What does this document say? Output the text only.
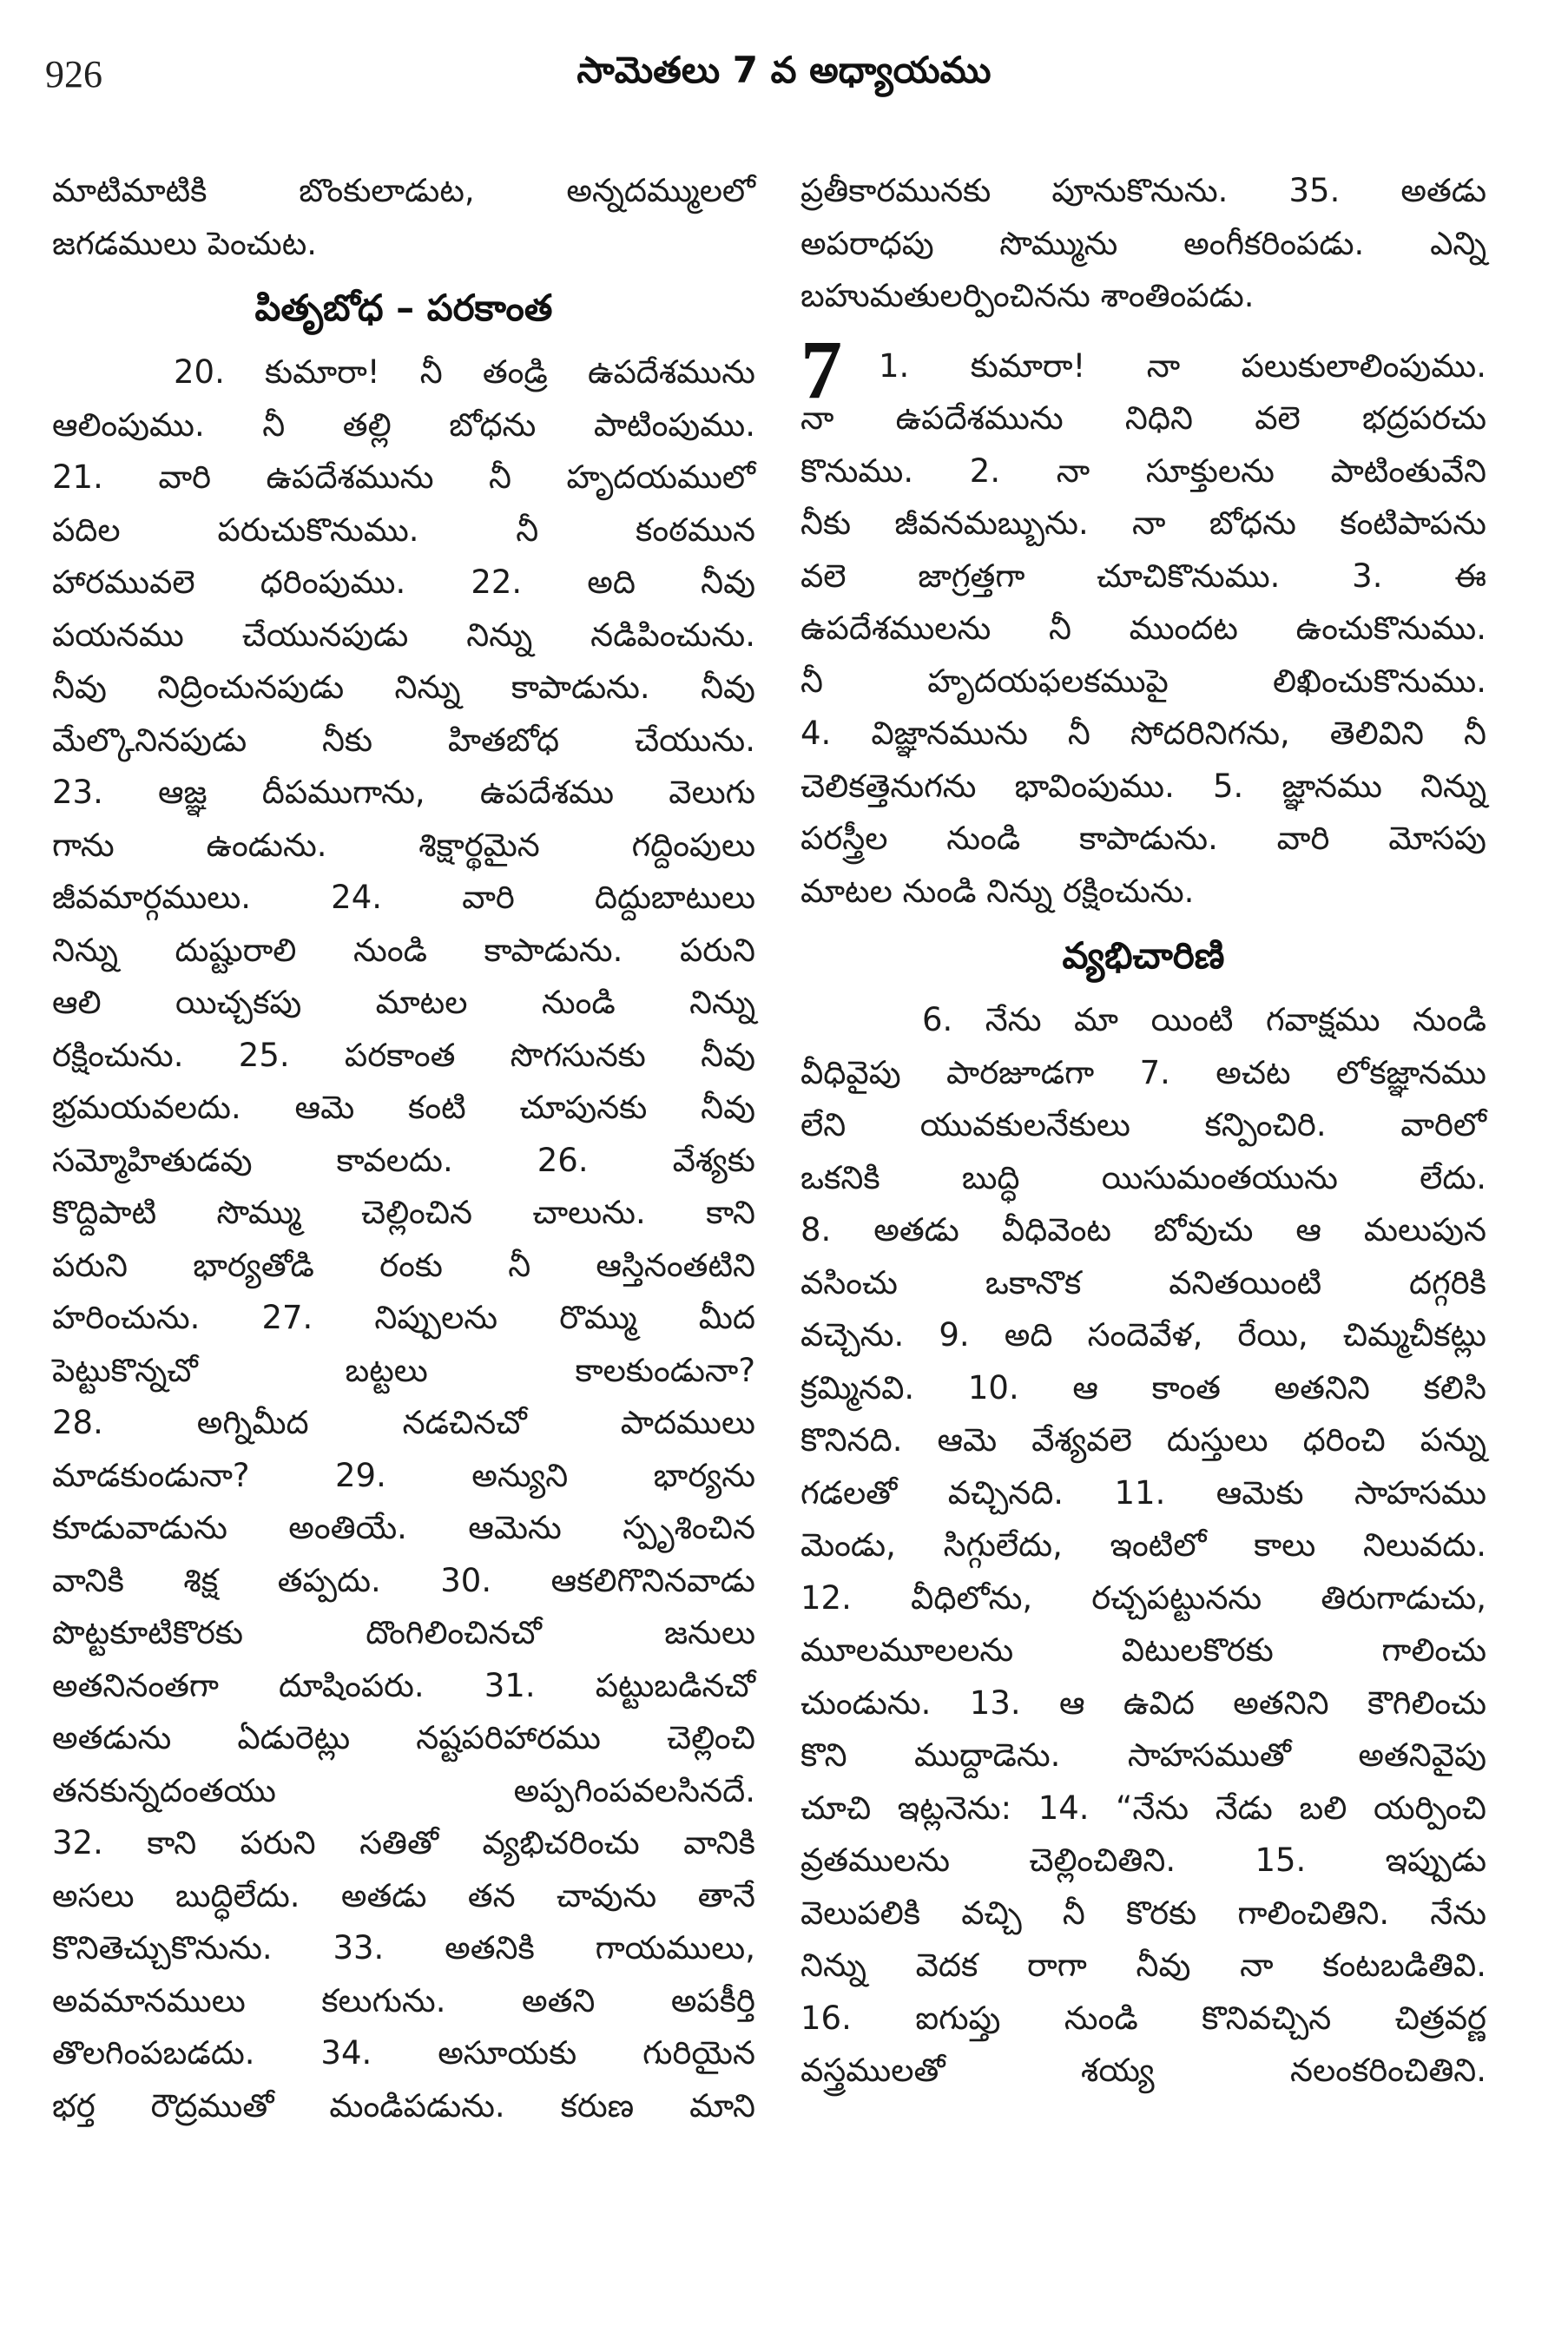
926	సామెతలు 7 వ అధ్యాయము
మాటిమాటికి బొంకులాడుట, అన్నదమ్ములలో
జగడములు పెంచుట.
పితృబోధ – పరకాంత
20. కుమారా! నీ తండ్రి ఉపదేశమును
ఆలింపుము. నీ తల్లి బోధను పాటింపుము.
21. వారి ఉపదేశమును నీ హృదయములో
పదిల పరుచుకొనుము. నీ కంఠమున
హారమువలె ధరింపుము. 22. అది నీవు
పయనము చేయునపుడు నిన్ను నడిపించును.
నీవు నిద్రించునపుడు నిన్ను కాపాడును. నీవు
మేల్కొనినపుడు నీకు హితబోధ చేయును.
23. ఆజ్ఞ దీపముగాను, ఉపదేశము వెలుగు
గాను ఉండును. శిక్షార్థమైన గద్దింపులు
జీవమార్గములు. 24. వారి దిద్దుబాటులు
నిన్ను దుష్టురాలి నుండి కాపాడును. పరుని
ఆలి యిచ్చకపు మాటల నుండి నిన్ను
రక్షించును. 25. పరకాంత సొగసునకు నీవు
భ్రమయవలదు. ఆమె కంటి చూపునకు నీవు
సమ్మోహితుడవు కావలదు. 26. వేశ్యకు
కొద్దిపాటి సొమ్ము చెల్లించిన చాలును. కాని
పరుని భార్యతోడి రంకు నీ ఆస్తినంతటిని
హరించును. 27. నిప్పులను రొమ్ము మీద
పెట్టుకొన్నచో బట్టలు కాలకుండునా?
28. అగ్నిమీద నడచినచో పాదములు
మాడకుండునా? 29. అన్యుని భార్యను
కూడువాడును అంతియే. ఆమెను స్పృశించిన
వానికి శిక్ష తప్పదు. 30. ఆకలిగొనినవాడు
పొట్టకూటికొరకు దొంగిలించినచో జనులు
అతనినంతగా దూషింపరు. 31. పట్టుబడినచో
అతడును ఏడురెట్లు నష్టపరిహారము చెల్లించి
తనకున్నదంతయు అప్పగింపవలసినదే.
32. కాని పరుని సతితో వ్యభిచరించు వానికి
అసలు బుద్ధిలేదు. అతడు తన చావును తానే
కొనితెచ్చుకొనును. 33. అతనికి గాయములు,
అవమానములు కలుగును. అతని అపకీర్తి
తొలగింపబడదు. 34. అసూయకు గురియైన
భర్త రౌద్రముతో మండిపడును. కరుణ మాని
ప్రతీకారమునకు పూనుకొనును. 35. అతడు
అపరాధపు సొమ్మును అంగీకరింపడు. ఎన్ని
బహుమతులర్పించినను శాంతింపడు.
7 1. కుమారా! నా పలుకులాలింపుము.
నా ఉపదేశమును నిధిని వలె భద్రపరచు
కొనుము. 2. నా సూక్తులను పాటింతువేని
నీకు జీవనమబ్బును. నా బోధను కంటిపాపను
వలె జాగ్రత్తగా చూచికొనుము. 3. ఈ
ఉపదేశములను నీ ముందట ఉంచుకొనుము.
నీ హృదయఫలకముపై లిఖించుకొనుము.
4. విజ్ఞానమును నీ సోదరినిగను, తెలివిని నీ
చెలికత్తెనుగను భావింపుము. 5. జ్ఞానము నిన్ను
పరస్త్రీల నుండి కాపాడును. వారి మోసపు
మాటల నుండి నిన్ను రక్షించును.
వ్యభిచారిణి
6. నేను మా యింటి గవాక్షము నుండి
వీధివైపు పారజూడగా 7. అచట లోకజ్ఞానము
లేని యువకులనేకులు కన్పించిరి. వారిలో
ఒకనికి బుద్ధి యిసుమంతయును లేదు.
8. అతడు వీధివెంట బోవుచు ఆ మలుపున
వసించు ఒకానొక వనితయింటి దగ్గరికి
వచ్చెను. 9. అది సందెవేళ, రేయి, చిమ్మచీకట్లు
క్రమ్మినవి. 10. ఆ కాంత అతనిని కలిసి
కొనినది. ఆమె వేశ్యవలె దుస్తులు ధరించి పన్ను
గడలతో వచ్చినది. 11. ఆమెకు సాహసము
మెండు, సిగ్గులేదు, ఇంటిలో కాలు నిలువదు.
12. వీధిలోను, రచ్చపట్టునను తిరుగాడుచు,
మూలమూలలను విటులకొరకు గాలించు
చుండును. 13. ఆ ఉవిద అతనిని కౌగిలించు
కొని ముద్దాడెను. సాహసముతో అతనివైపు
చూచి ఇట్లనెను: 14. “నేను నేడు బలి యర్పించి
వ్రతములను చెల్లించితిని. 15. ఇప్పుడు
వెలుపలికి వచ్చి నీ కొరకు గాలించితిని. నేను
నిన్ను వెదక రాగా నీవు నా కంటబడితివి.
16. ఐగుప్తు నుండి కొనివచ్చిన చిత్రవర్ణ
వస్త్రములతో శయ్య నలంకరించితిని.
